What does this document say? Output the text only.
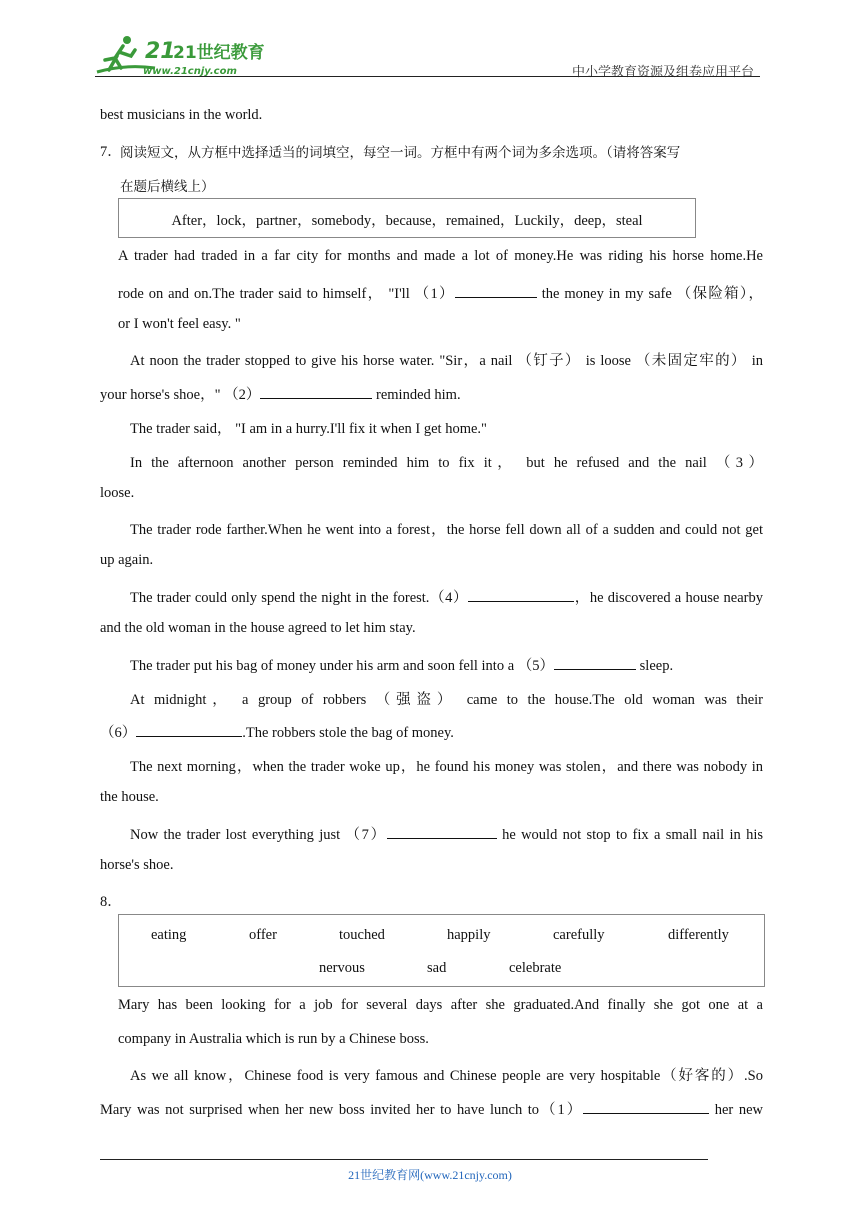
21
21世纪教育
www.21cnjy.com	中小学教育资源及组卷应用平台
best musicians in the world.
7．
阅读短文，从方框中选择适当的词填空，每空一词。方框中有两个词为多余选项。（请将答案写
在题后横线上）
After，lock，partner，somebody，because，remained，Luckily，deep，steal
A trader had traded in a far city for months and made a lot of money.He was riding his horse home.He
rode on and on.The trader said to himself， "I'll （1）	the money in my safe （保险箱），
or I won't feel easy. "
At noon the trader stopped to give his horse water. "Sir，a nail （钉子） is loose （未固定牢的） in
your horse's shoe，" （2）	reminded him.
The trader said， "I am in a hurry.I'll fix it when I get home."
In the afternoon another person reminded him to fix it， but he refused and the nail （3）
loose.
The trader rode farther.When he went into a forest，the horse fell down all of a sudden and could not get
up again.
The trader could only spend the night in the forest.（4）	，he discovered a house nearby
and the old woman in the house agreed to let him stay.
The trader put his bag of money under his arm and soon fell into a （5）	sleep.
At midnight， a group of robbers （强盗） came to the house.The old woman was their
（6）	.The robbers stole the bag of money.
The next morning，when the trader woke up，he found his money was stolen，and there was nobody in
the house.
Now the trader lost everything just （7）	he would not stop to fix a small nail in his
horse's shoe.
8．
eating	offer	touched	happily	carefully	differently
nervous	sad	celebrate
Mary has been looking for a job for several days after she graduated.And finally she got one at a
company in Australia which is run by a Chinese boss.
As we all know，Chinese food is very famous and Chinese people are very hospitable（好客的）.So
Mary was not surprised when her new boss invited her to have lunch to（1）	her new
21世纪教育网(www.21cnjy.com)
